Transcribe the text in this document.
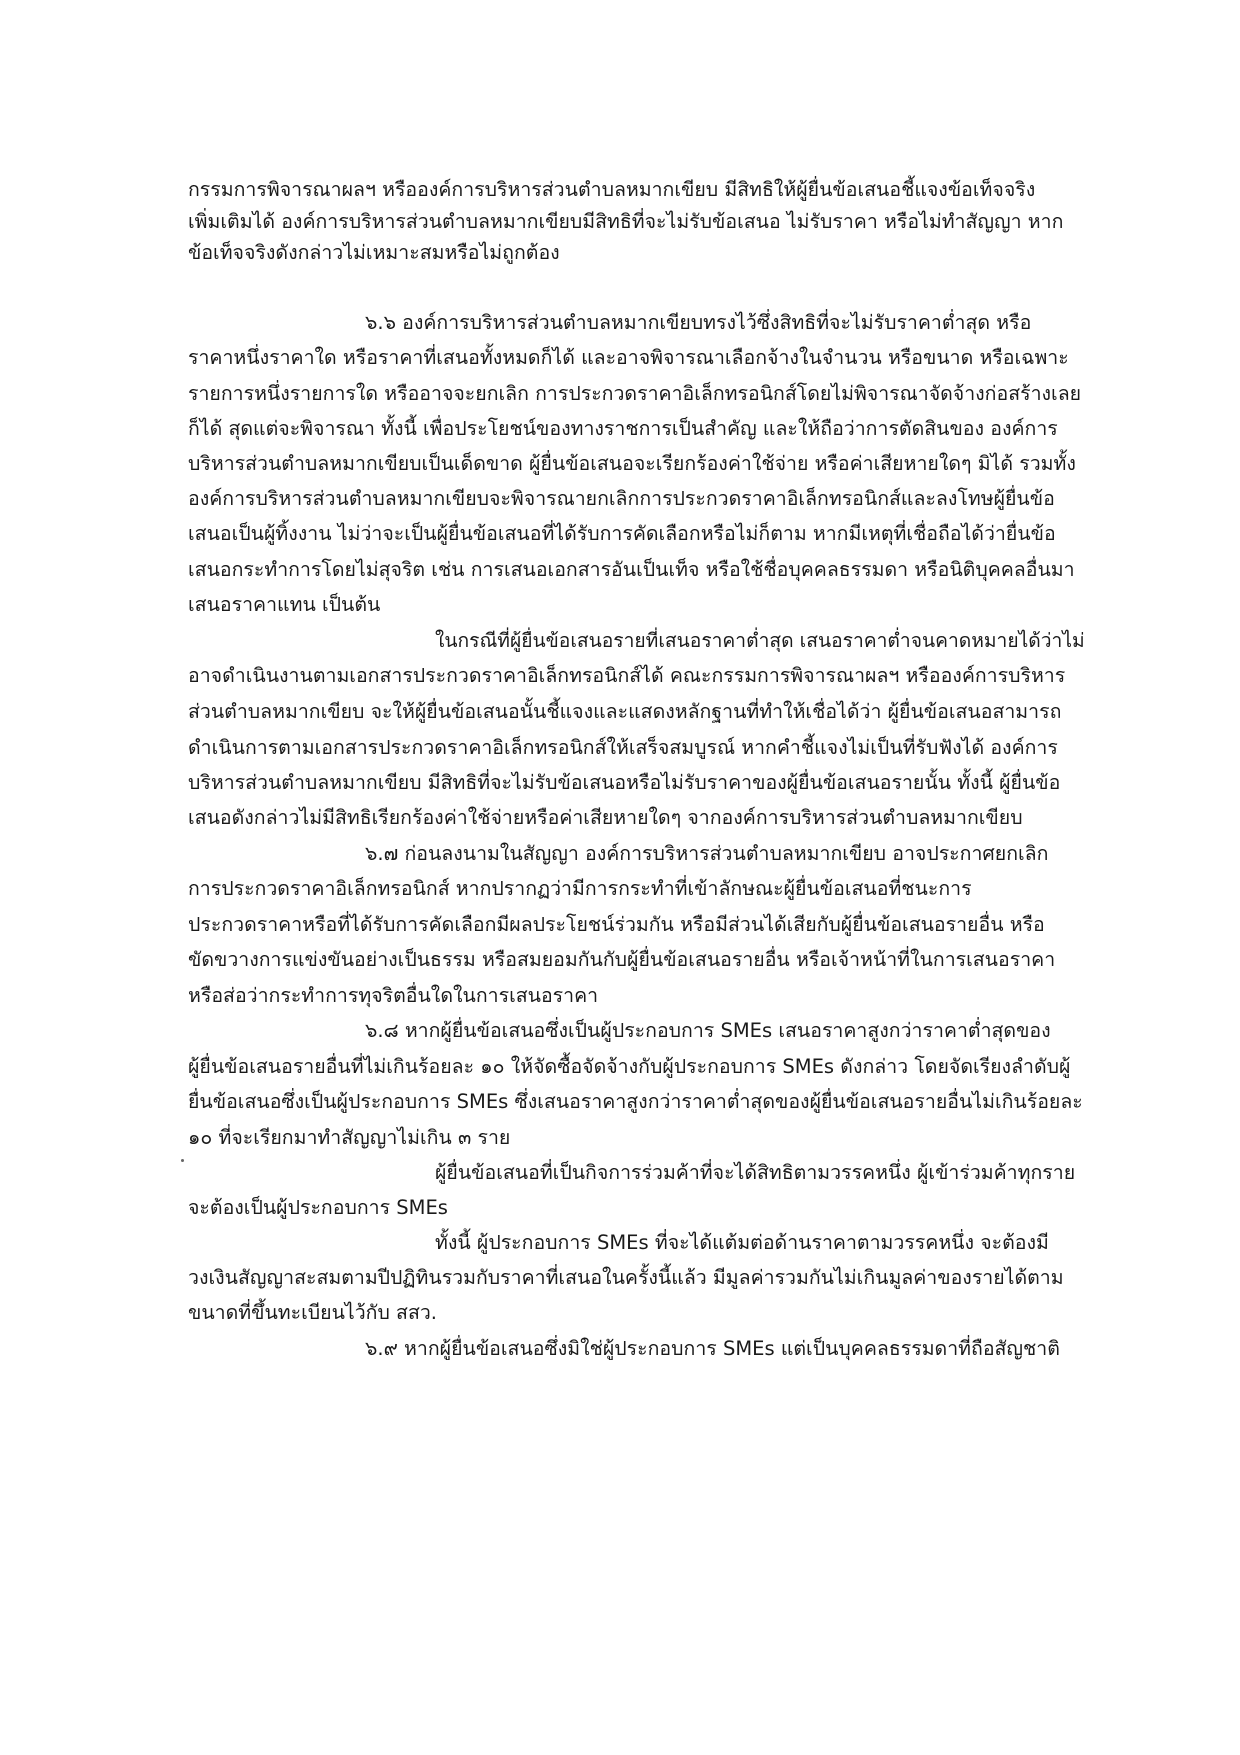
กรรมการพิจารณาผลฯ หรือองค์การบริหารส่วนตำบลหมากเขียบ มีสิทธิให้ผู้ยื่นข้อเสนอชี้แจงข้อเท็จจริง

เพิ่มเติมได้ องค์การบริหารส่วนตำบลหมากเขียบมีสิทธิที่จะไม่รับข้อเสนอ ไม่รับราคา หรือไม่ทำสัญญา หาก

ข้อเท็จจริงดังกล่าวไม่เหมาะสมหรือไม่ถูกต้อง

๖.๖ องค์การบริหารส่วนตำบลหมากเขียบทรงไว้ซึ่งสิทธิที่จะไม่รับราคาต่ำสุด หรือ

ราคาหนึ่งราคาใด หรือราคาที่เสนอทั้งหมดก็ได้ และอาจพิจารณาเลือกจ้างในจำนวน หรือขนาด หรือเฉพาะ

รายการหนึ่งรายการใด หรืออาจจะยกเลิก การประกวดราคาอิเล็กทรอนิกส์โดยไม่พิจารณาจัดจ้างก่อสร้างเลย

ก็ได้ สุดแต่จะพิจารณา ทั้งนี้ เพื่อประโยชน์ของทางราชการเป็นสำคัญ และให้ถือว่าการตัดสินของ องค์การ

บริหารส่วนตำบลหมากเขียบเป็นเด็ดขาด ผู้ยื่นข้อเสนอจะเรียกร้องค่าใช้จ่าย หรือค่าเสียหายใดๆ มิได้ รวมทั้ง

องค์การบริหารส่วนตำบลหมากเขียบจะพิจารณายกเลิกการประกวดราคาอิเล็กทรอนิกส์และลงโทษผู้ยื่นข้อ

เสนอเป็นผู้ทิ้งงาน ไม่ว่าจะเป็นผู้ยื่นข้อเสนอที่ได้รับการคัดเลือกหรือไม่ก็ตาม หากมีเหตุที่เชื่อถือได้ว่ายื่นข้อ

เสนอกระทำการโดยไม่สุจริต เช่น การเสนอเอกสารอันเป็นเท็จ หรือใช้ชื่อบุคคลธรรมดา หรือนิติบุคคลอื่นมา

เสนอราคาแทน เป็นต้น

ในกรณีที่ผู้ยื่นข้อเสนอรายที่เสนอราคาต่ำสุด เสนอราคาต่ำจนคาดหมายได้ว่าไม่

อาจดำเนินงานตามเอกสารประกวดราคาอิเล็กทรอนิกส์ได้ คณะกรรมการพิจารณาผลฯ หรือองค์การบริหาร

ส่วนตำบลหมากเขียบ จะให้ผู้ยื่นข้อเสนอนั้นชี้แจงและแสดงหลักฐานที่ทำให้เชื่อได้ว่า ผู้ยื่นข้อเสนอสามารถ

ดำเนินการตามเอกสารประกวดราคาอิเล็กทรอนิกส์ให้เสร็จสมบูรณ์ หากคำชี้แจงไม่เป็นที่รับฟังได้ องค์การ

บริหารส่วนตำบลหมากเขียบ มีสิทธิที่จะไม่รับข้อเสนอหรือไม่รับราคาของผู้ยื่นข้อเสนอรายนั้น ทั้งนี้ ผู้ยื่นข้อ

เสนอดังกล่าวไม่มีสิทธิเรียกร้องค่าใช้จ่ายหรือค่าเสียหายใดๆ จากองค์การบริหารส่วนตำบลหมากเขียบ

๖.๗ ก่อนลงนามในสัญญา องค์การบริหารส่วนตำบลหมากเขียบ อาจประกาศยกเลิก

การประกวดราคาอิเล็กทรอนิกส์ หากปรากฏว่ามีการกระทำที่เข้าลักษณะผู้ยื่นข้อเสนอที่ชนะการ

ประกวดราคาหรือที่ได้รับการคัดเลือกมีผลประโยชน์ร่วมกัน หรือมีส่วนได้เสียกับผู้ยื่นข้อเสนอรายอื่น หรือ

ขัดขวางการแข่งขันอย่างเป็นธรรม หรือสมยอมกันกับผู้ยื่นข้อเสนอรายอื่น หรือเจ้าหน้าที่ในการเสนอราคา

หรือส่อว่ากระทำการทุจริตอื่นใดในการเสนอราคา

๖.๘ หากผู้ยื่นข้อเสนอซึ่งเป็นผู้ประกอบการ SMEs เสนอราคาสูงกว่าราคาต่ำสุดของ

ผู้ยื่นข้อเสนอรายอื่นที่ไม่เกินร้อยละ ๑๐ ให้จัดซื้อจัดจ้างกับผู้ประกอบการ SMEs ดังกล่าว โดยจัดเรียงลำดับผู้

ยื่นข้อเสนอซึ่งเป็นผู้ประกอบการ SMEs ซึ่งเสนอราคาสูงกว่าราคาต่ำสุดของผู้ยื่นข้อเสนอรายอื่นไม่เกินร้อยละ

๑๐ ที่จะเรียกมาทำสัญญาไม่เกิน ๓ ราย

ผู้ยื่นข้อเสนอที่เป็นกิจการร่วมค้าที่จะได้สิทธิตามวรรคหนึ่ง ผู้เข้าร่วมค้าทุกราย

จะต้องเป็นผู้ประกอบการ SMEs

ทั้งนี้ ผู้ประกอบการ SMEs ที่จะได้แต้มต่อด้านราคาตามวรรคหนึ่ง จะต้องมี

วงเงินสัญญาสะสมตามปีปฏิทินรวมกับราคาที่เสนอในครั้งนี้แล้ว มีมูลค่ารวมกันไม่เกินมูลค่าของรายได้ตาม

ขนาดที่ขึ้นทะเบียนไว้กับ สสว.

๖.๙ หากผู้ยื่นข้อเสนอซึ่งมิใช่ผู้ประกอบการ SMEs แต่เป็นบุคคลธรรมดาที่ถือสัญชาติ
